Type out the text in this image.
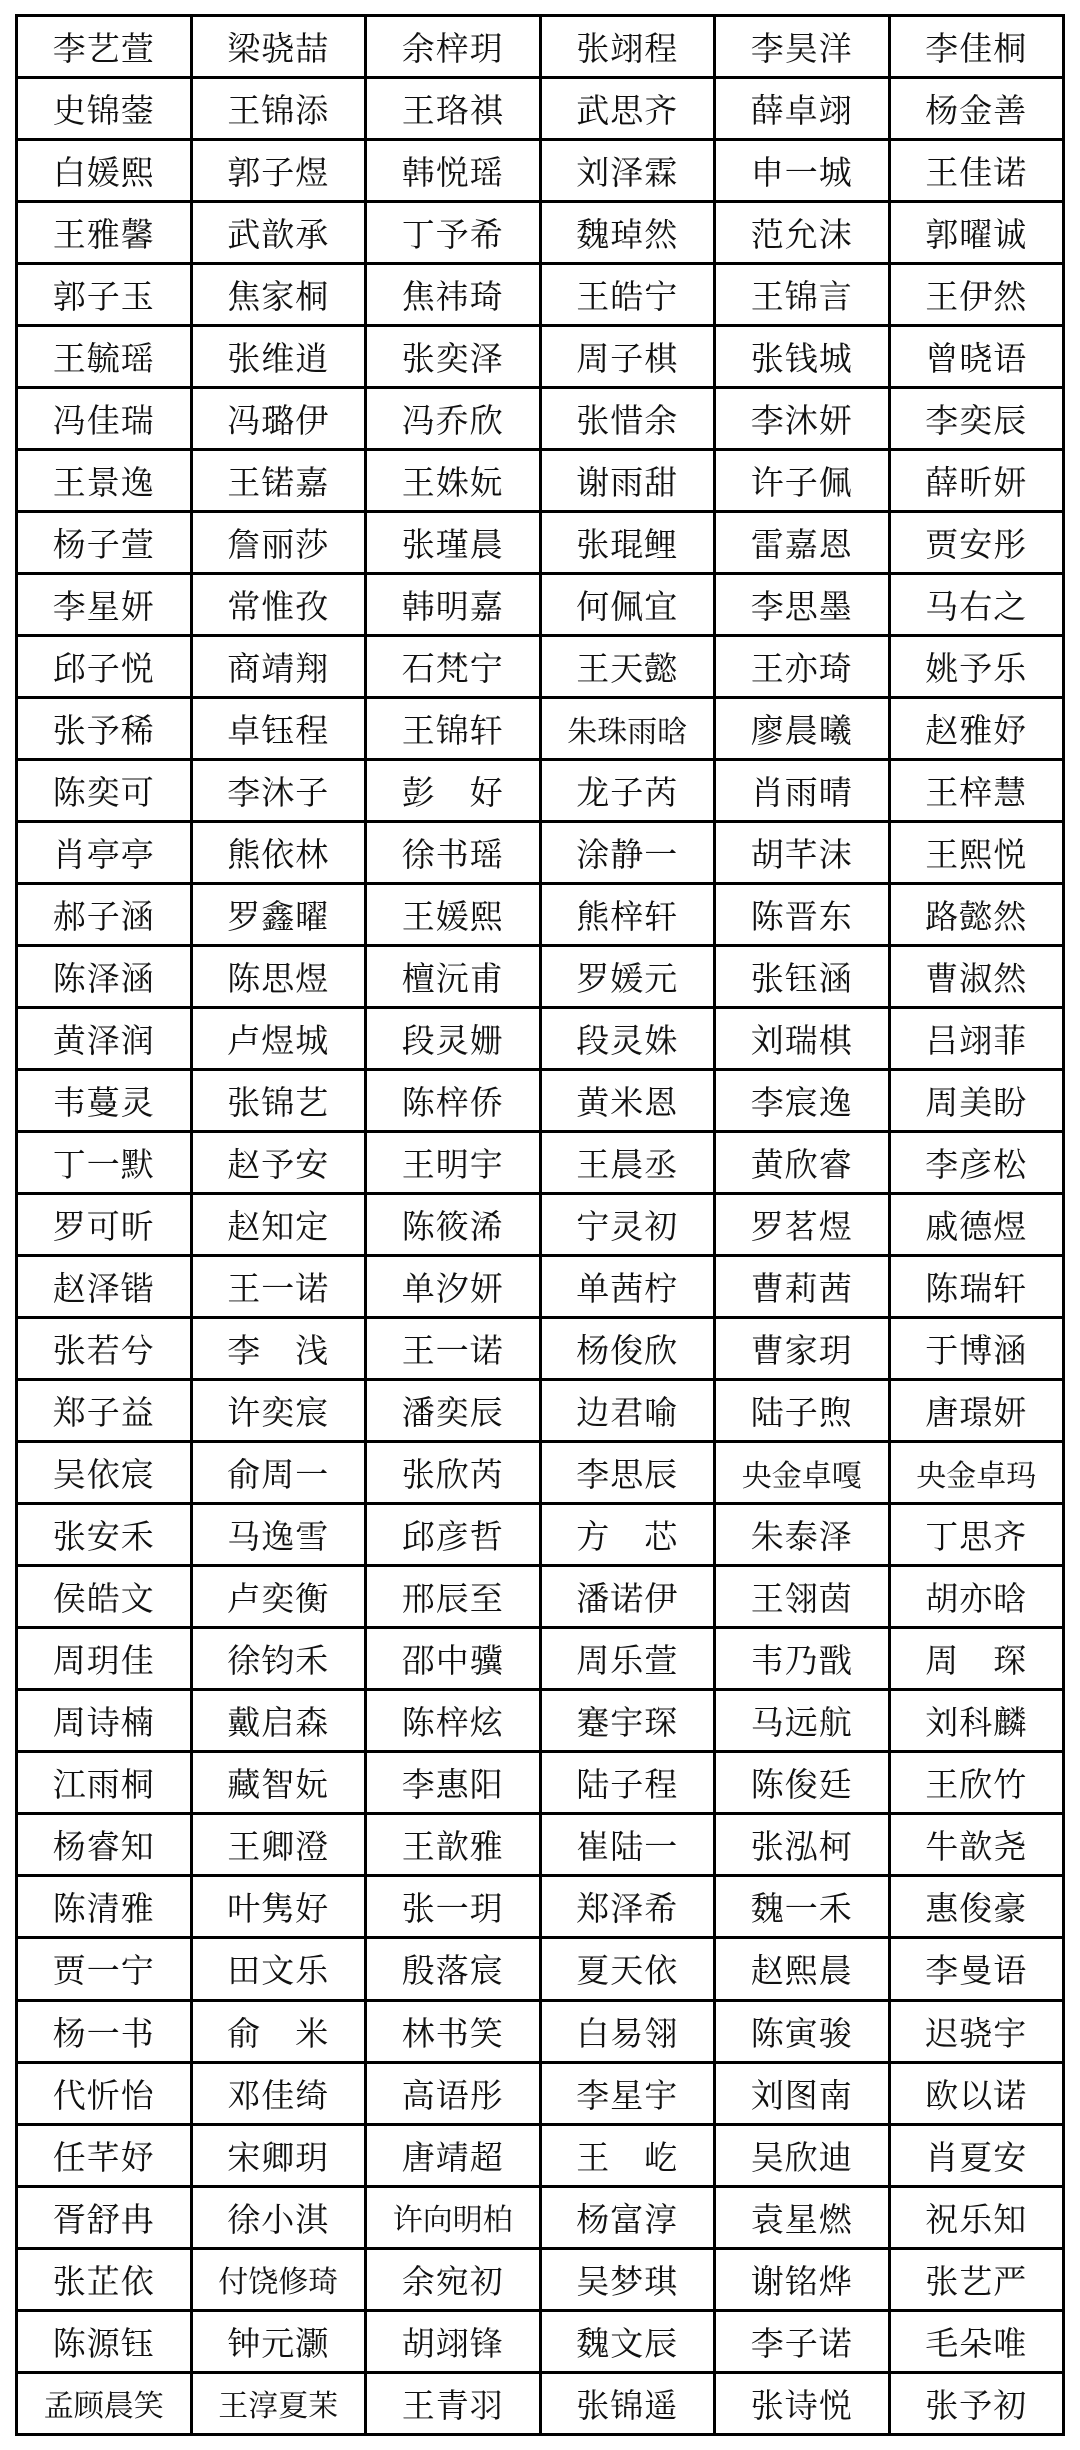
李艺萱	梁骁喆	余梓玥	张翊程	李昊洋	李佳桐
史锦蓥	王锦添	王珞祺	武思齐	薛卓翊	杨金善
白媛熙	郭子煜	韩悦瑶	刘泽霖	申一城	王佳诺
王雅馨	武歆承	丁予希	魏琸然	范允沫	郭曜诚
郭子玉	焦家桐	焦祎琦	王皓宁	王锦言	王伊然
王毓瑶	张维逍	张奕泽	周子棋	张钱城	曾晓语
冯佳瑞	冯璐伊	冯乔欣	张惜余	李沐妍	李奕辰
王景逸	王锘嘉	王姝妧	谢雨甜	许子佩	薛昕妍
杨子萱	詹丽莎	张瑾晨	张琨鲤	雷嘉恩	贾安彤
李星妍	常惟孜	韩明嘉	何佩宜	李思墨	马右之
邱子悦	商靖翔	石梵宁	王天懿	王亦琦	姚予乐
张予稀	卓钰程	王锦轩	朱珠雨晗	廖晨曦	赵雅妤
陈奕可	李沐子	彭　好	龙子芮	肖雨晴	王梓慧
肖亭亭	熊依林	徐书瑶	涂静一	胡芊沫	王熙悦
郝子涵	罗鑫曜	王媛熙	熊梓轩	陈晋东	路懿然
陈泽涵	陈思煜	檀沅甫	罗媛元	张钰涵	曹淑然
黄泽润	卢煜城	段灵姗	段灵姝	刘瑞棋	吕翊菲
韦蔓灵	张锦艺	陈梓侨	黄米恩	李宸逸	周美盼
丁一默	赵予安	王明宇	王晨丞	黄欣睿	李彦松
罗可昕	赵知定	陈筱浠	宁灵初	罗茗煜	戚德煜
赵泽锴	王一诺	单汐妍	单茜柠	曹莉茜	陈瑞轩
张若兮	李　浅	王一诺	杨俊欣	曹家玥	于博涵
郑子益	许奕宸	潘奕辰	边君喻	陆子煦	唐璟妍
吴依宸	俞周一	张欣芮	李思辰	央金卓嘎	央金卓玛
张安禾	马逸雪	邱彦哲	方　芯	朱泰泽	丁思齐
侯皓文	卢奕衡	邢辰至	潘诺伊	王翎茵	胡亦晗
周玥佳	徐钧禾	邵中骥	周乐萱	韦乃戬	周　琛
周诗楠	戴启森	陈梓炫	蹇宇琛	马远航	刘科麟
江雨桐	藏智妧	李惠阳	陆子程	陈俊廷	王欣竹
杨睿知	王卿澄	王歆雅	崔陆一	张泓柯	牛歆尧
陈清雅	叶隽好	张一玥	郑泽希	魏一禾	惠俊豪
贾一宁	田文乐	殷落宸	夏天依	赵熙晨	李曼语
杨一书	俞　米	林书笑	白易翎	陈寅骏	迟骁宇
代忻怡	邓佳绮	高语彤	李星宇	刘图南	欧以诺
任芊妤	宋卿玥	唐靖超	王　屹	吴欣迪	肖夏安
胥舒冉	徐小淇	许向明柏	杨富淳	袁星燃	祝乐知
张芷依	付饶修琦	余宛初	吴梦琪	谢铭烨	张艺严
陈源钰	钟元灏	胡翊锋	魏文辰	李子诺	毛朵唯
孟顾晨笑	王淳夏茉	王青羽	张锦遥	张诗悦	张予初
